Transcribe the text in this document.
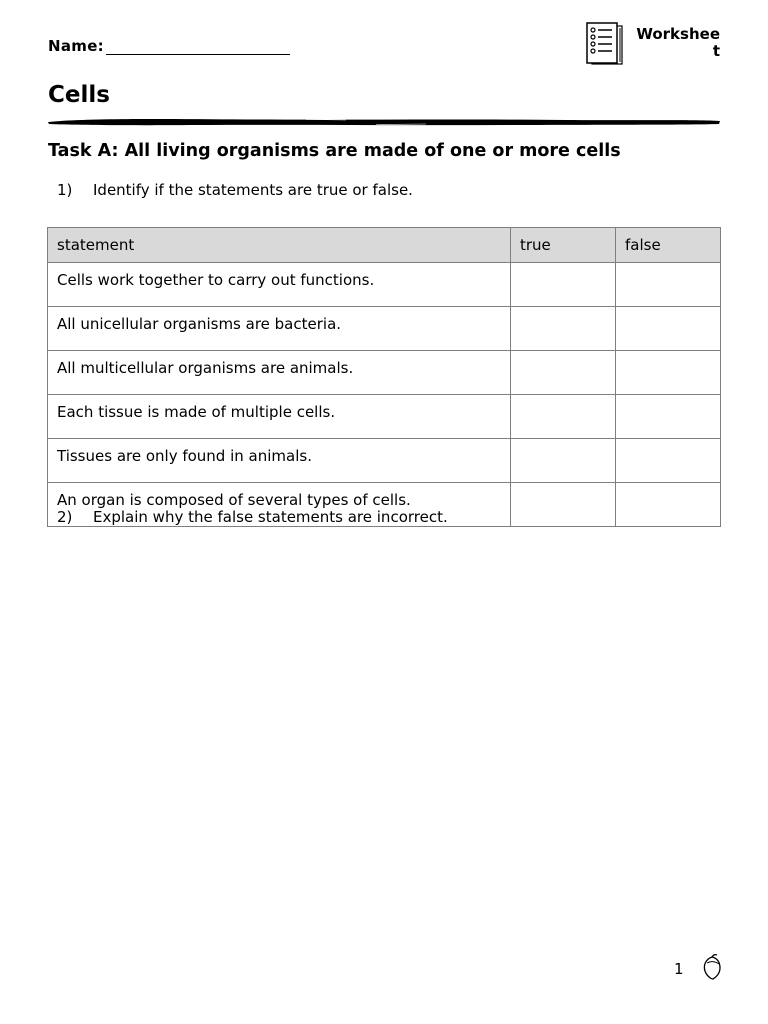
Name:
Worksheet
Cells
Task A: All living organisms are made of one or more cells
1)	Identify if the statements are true or false.
statement	true	false
Cells work together to carry out functions.		
All unicellular organisms are bacteria.		
All multicellular organisms are animals.		
Each tissue is made of multiple cells.		
Tissues are only found in animals.		
An organ is composed of several types of cells.		
2)	Explain why the false statements are incorrect.
1
